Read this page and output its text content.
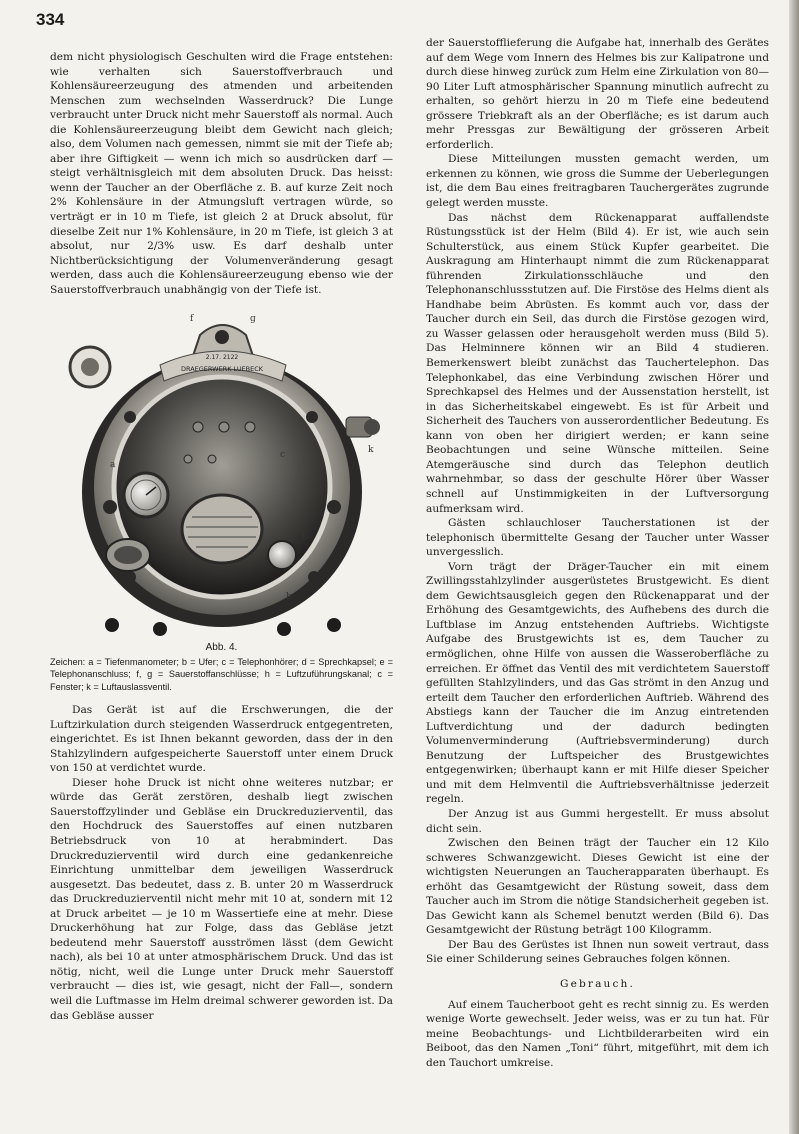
334

dem nicht physiologisch Geschulten wird die Frage entstehen: wie verhalten sich Sauerstoffverbrauch und Kohlensäureerzeugung des atmenden und arbeitenden Menschen zum wechselnden Wasserdruck? Die Lunge verbraucht unter Druck nicht mehr Sauerstoff als normal. Auch die Kohlensäureerzeugung bleibt dem Gewicht nach gleich; also, dem Volumen nach gemessen, nimmt sie mit der Tiefe ab; aber ihre Giftigkeit — wenn ich mich so ausdrücken darf — steigt verhältnisgleich mit dem absoluten Druck. Das heisst: wenn der Taucher an der Oberfläche z. B. auf kurze Zeit noch 2% Kohlensäure in der Atmungsluft vertragen würde, so verträgt er in 10 m Tiefe, ist gleich 2 at Druck absolut, für dieselbe Zeit nur 1% Kohlensäure, in 20 m Tiefe, ist gleich 3 at absolut, nur 2/3% usw. Es darf deshalb unter Nichtberücksichtigung der Volumenveränderung gesagt werden, dass auch die Kohlensäureerzeugung ebenso wie der Sauerstoffverbrauch unabhängig von der Tiefe ist.

2.17. 2122
DRAEGERWERK LUEBECK
f	g
a
b
c
h
k

Abb. 4.

Zeichen: a = Tiefenmanometer; b = Ufer; c = Telephonhörer; d = Sprechkapsel; e = Telephonanschluss; f, g = Sauerstoffanschlüsse; h = Luftzuführungskanal; c = Fenster; k = Luftauslassventil.

Das Gerät ist auf die Erschwerungen, die der Luftzirkulation durch steigenden Wasserdruck entgegentreten, eingerichtet. Es ist Ihnen bekannt geworden, dass der in den Stahlzylindern aufgespeicherte Sauerstoff unter einem Druck von 150 at verdichtet wurde.

Dieser hohe Druck ist nicht ohne weiteres nutzbar; er würde das Gerät zerstören, deshalb liegt zwischen Sauerstoffzylinder und Gebläse ein Druckreduzierventil, das den Hochdruck des Sauerstoffes auf einen nutzbaren Betriebsdruck von 10 at herabmindert. Das Druckreduzierventil wird durch eine gedankenreiche Einrichtung unmittelbar dem jeweiligen Wasserdruck ausgesetzt. Das bedeutet, dass z. B. unter 20 m Wasserdruck das Druckreduzierventil nicht mehr mit 10 at, sondern mit 12 at Druck arbeitet — je 10 m Wassertiefe eine at mehr. Diese Druckerhöhung hat zur Folge, dass das Gebläse jetzt bedeutend mehr Sauerstoff ausströmen lässt (dem Gewicht nach), als bei 10 at unter atmosphärischem Druck. Und das ist nötig, nicht, weil die Lunge unter Druck mehr Sauerstoff verbraucht — dies ist, wie gesagt, nicht der Fall—, sondern weil die Luftmasse im Helm dreimal schwerer geworden ist. Da das Gebläse ausser

der Sauerstofflieferung die Aufgabe hat, innerhalb des Gerätes auf dem Wege vom Innern des Helmes bis zur Kalipatrone und durch diese hinweg zurück zum Helm eine Zirkulation von 80—90 Liter Luft atmosphärischer Spannung minutlich aufrecht zu erhalten, so gehört hierzu in 20 m Tiefe eine bedeutend grössere Triebkraft als an der Oberfläche; es ist darum auch mehr Pressgas zur Bewältigung der grösseren Arbeit erforderlich.

Diese Mitteilungen mussten gemacht werden, um erkennen zu können, wie gross die Summe der Ueberlegungen ist, die dem Bau eines freitragbaren Tauchergerätes zugrunde gelegt werden musste.

Das nächst dem Rückenapparat auffallendste Rüstungsstück ist der Helm (Bild 4). Er ist, wie auch sein Schulterstück, aus einem Stück Kupfer gearbeitet. Die Auskragung am Hinterhaupt nimmt die zum Rückenapparat führenden Zirkulationsschläuche und den Telephonanschlussstutzen auf. Die Firstöse des Helms dient als Handhabe beim Abrüsten. Es kommt auch vor, dass der Taucher durch ein Seil, das durch die Firstöse gezogen wird, zu Wasser gelassen oder herausgeholt werden muss (Bild 5). Das Helminnere können wir an Bild 4 studieren. Bemerkenswert bleibt zunächst das Tauchertelephon. Das Telephonkabel, das eine Verbindung zwischen Hörer und Sprechkapsel des Helmes und der Aussenstation herstellt, ist in das Sicherheitskabel eingewebt. Es ist für Arbeit und Sicherheit des Tauchers von ausserordentlicher Bedeutung. Es kann von oben her dirigiert werden; er kann seine Beobachtungen und seine Wünsche mitteilen. Seine Atemgeräusche sind durch das Telephon deutlich wahrnehmbar, so dass der geschulte Hörer über Wasser schnell auf Unstimmigkeiten in der Luftversorgung aufmerksam wird.

Gästen schlauchloser Taucherstationen ist der telephonisch übermittelte Gesang der Taucher unter Wasser unvergesslich.

Vorn trägt der Dräger-Taucher ein mit einem Zwillingsstahlzylinder ausgerüstetes Brustgewicht. Es dient dem Gewichtsausgleich gegen den Rückenapparat und der Erhöhung des Gesamtgewichts, des Aufhebens des durch die Luftblase im Anzug entstehenden Auftriebs. Wichtigste Aufgabe des Brustgewichts ist es, dem Taucher zu ermöglichen, ohne Hilfe von aussen die Wasseroberfläche zu erreichen. Er öffnet das Ventil des mit verdichtetem Sauerstoff gefüllten Stahlzylinders, und das Gas strömt in den Anzug und erteilt dem Taucher den erforderlichen Auftrieb. Während des Abstiegs kann der Taucher die im Anzug eintretenden Luftverdichtung und der dadurch bedingten Volumenverminderung (Auftriebsverminderung) durch Benutzung der Luftspeicher des Brustgewichtes entgegenwirken; überhaupt kann er mit Hilfe dieser Speicher und mit dem Helmventil die Auftriebsverhältnisse jederzeit regeln.

Der Anzug ist aus Gummi hergestellt. Er muss absolut dicht sein.

Zwischen den Beinen trägt der Taucher ein 12 Kilo schweres Schwanzgewicht. Dieses Gewicht ist eine der wichtigsten Neuerungen an Taucherapparaten überhaupt. Es erhöht das Gesamtgewicht der Rüstung soweit, dass dem Taucher auch im Strom die nötige Standsicherheit gegeben ist. Das Gewicht kann als Schemel benutzt werden (Bild 6). Das Gesamtgewicht der Rüstung beträgt 100 Kilogramm.

Der Bau des Gerüstes ist Ihnen nun soweit vertraut, dass Sie einer Schilderung seines Gebrauches folgen können.

Gebrauch.

Auf einem Taucherboot geht es recht sinnig zu. Es werden wenige Worte gewechselt. Jeder weiss, was er zu tun hat. Für meine Beobachtungs- und Lichtbilderarbeiten wird ein Beiboot, das den Namen „Toni“ führt, mitgeführt, mit dem ich den Tauchort umkreise.
